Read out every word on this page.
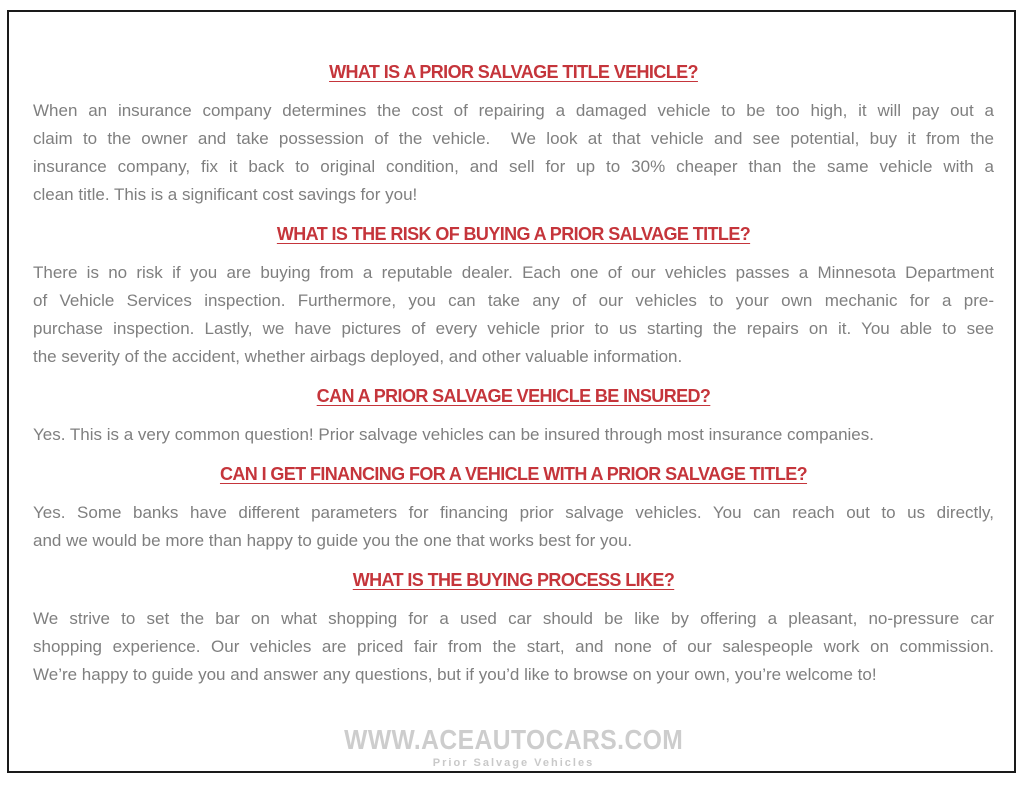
WHAT IS A PRIOR SALVAGE TITLE VEHICLE?
When an insurance company determines the cost of repairing a damaged vehicle to be too high, it will pay out a
claim to the owner and take possession of the vehicle.  We look at that vehicle and see potential, buy it from the
insurance company, fix it back to original condition, and sell for up to 30% cheaper than the same vehicle with a
clean title. This is a significant cost savings for you!
WHAT IS THE RISK OF BUYING A PRIOR SALVAGE TITLE?
There is no risk if you are buying from a reputable dealer. Each one of our vehicles passes a Minnesota Department
of Vehicle Services inspection. Furthermore, you can take any of our vehicles to your own mechanic for a pre-
purchase inspection. Lastly, we have pictures of every vehicle prior to us starting the repairs on it. You able to see
the severity of the accident, whether airbags deployed, and other valuable information.
CAN A PRIOR SALVAGE VEHICLE BE INSURED?
Yes. This is a very common question! Prior salvage vehicles can be insured through most insurance companies.
CAN I GET FINANCING FOR A VEHICLE WITH A PRIOR SALVAGE TITLE?
Yes. Some banks have different parameters for financing prior salvage vehicles. You can reach out to us directly,
and we would be more than happy to guide you the one that works best for you.
WHAT IS THE BUYING PROCESS LIKE?
We strive to set the bar on what shopping for a used car should be like by offering a pleasant, no-pressure car
shopping experience. Our vehicles are priced fair from the start, and none of our salespeople work on commission.
We’re happy to guide you and answer any questions, but if you’d like to browse on your own, you’re welcome to!
WWW.ACEAUTOCARS.COM
Prior Salvage Vehicles
